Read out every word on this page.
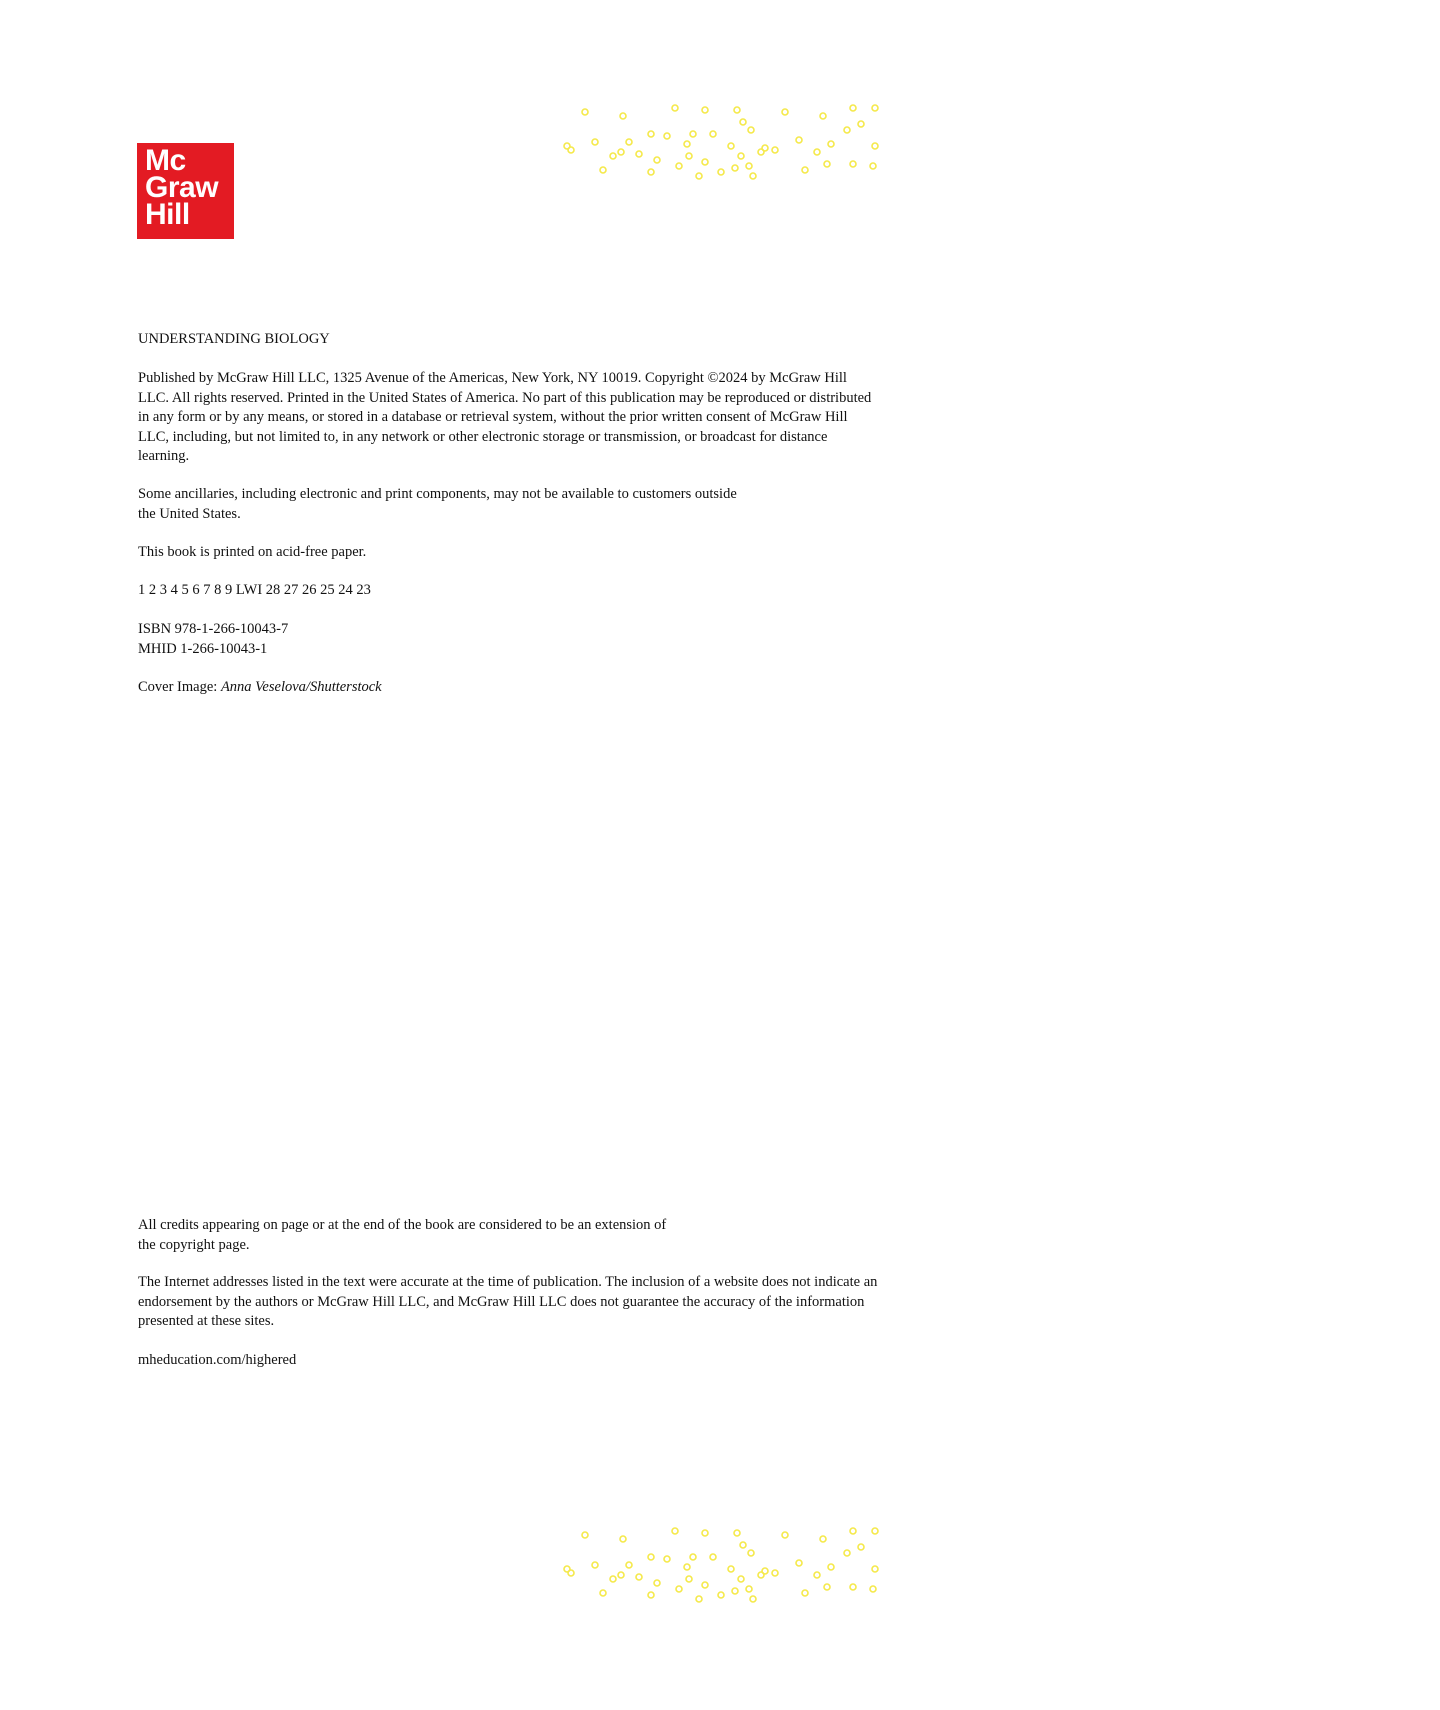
Mc
Graw
Hill

UNDERSTANDING BIOLOGY

Published by McGraw Hill LLC, 1325 Avenue of the Americas, New York, NY 10019. Copyright ©2024 by McGraw Hill LLC. All rights reserved. Printed in the United States of America. No part of this publication may be reproduced or distributed in any form or by any means, or stored in a database or retrieval system, without the prior written consent of McGraw Hill LLC, including, but not limited to, in any network or other electronic storage or transmission, or broadcast for distance learning.

Some ancillaries, including electronic and print components, may not be available to customers outside

the United States.

This book is printed on acid-free paper.

1 2 3 4 5 6 7 8 9 LWI 28 27 26 25 24 23

ISBN 978-1-266-10043-7

MHID 1-266-10043-1

Cover Image: Anna Veselova/Shutterstock

All credits appearing on page or at the end of the book are considered to be an extension of

the copyright page.

The Internet addresses listed in the text were accurate at the time of publication. The inclusion of a website does not indicate an endorsement by the authors or McGraw Hill LLC, and McGraw Hill LLC does not guarantee the accuracy of the information presented at these sites.

mheducation.com/highered
